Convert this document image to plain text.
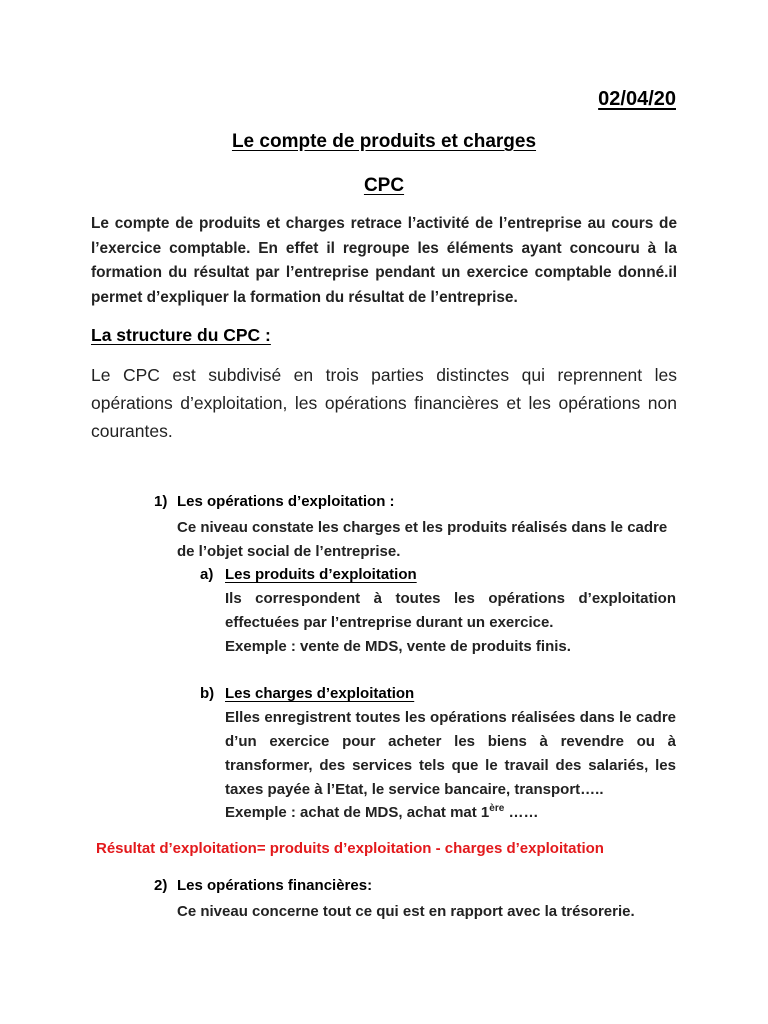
02/04/20

Le compte de produits et charges

CPC

Le compte de produits et charges retrace l’activité de l’entreprise au cours de l’exercice comptable. En effet il regroupe les éléments ayant concouru à la formation du résultat par l’entreprise pendant un exercice comptable donné.il permet d’expliquer la formation du résultat de l’entreprise.

La structure du CPC :

Le CPC est subdivisé en trois parties distinctes qui reprennent les opérations d’exploitation, les opérations financières et les opérations non courantes.

1) Les opérations d’exploitation :

Ce niveau constate les charges et les produits réalisés dans le cadre

de l’objet social de l’entreprise.

a) Les produits d’exploitation

Ils correspondent à toutes les opérations d’exploitation effectuées par l’entreprise durant un exercice.

Exemple : vente de MDS, vente de produits finis.

b) Les charges d’exploitation

Elles enregistrent toutes les opérations réalisées dans le cadre d’un exercice pour acheter les biens à revendre ou à transformer, des services tels que le travail des salariés, les taxes payée à l’Etat, le service bancaire, transport…..

Exemple : achat de MDS, achat mat 1ère ……

Résultat d’exploitation= produits d’exploitation - charges d’exploitation

2) Les opérations financières:

Ce niveau concerne tout ce qui est en rapport avec la trésorerie.
